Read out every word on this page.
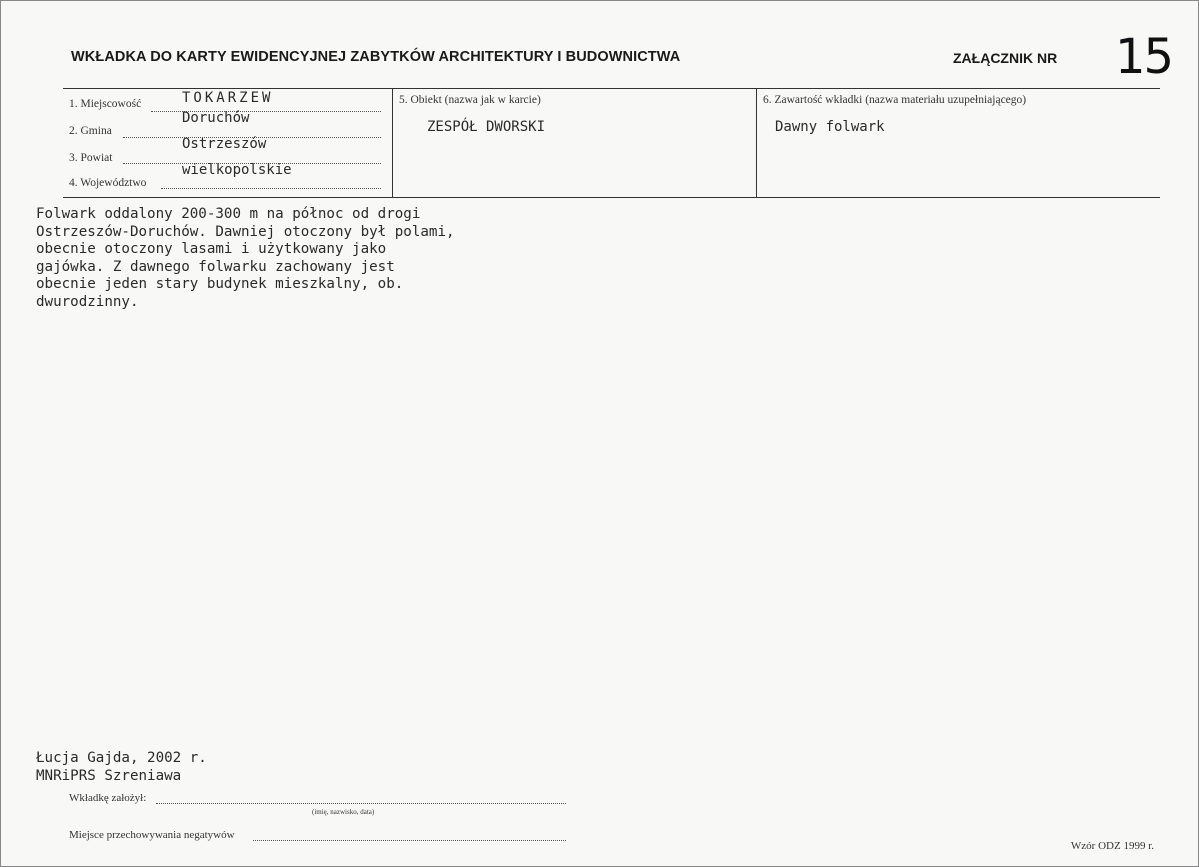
WKŁADKA DO KARTY EWIDENCYJNEJ ZABYTKÓW ARCHITEKTURY I BUDOWNICTWA	ZAŁĄCZNIK NR 15
1. Miejscowość	TOKARZEW
2. Gmina
Doruchów
3. Powiat
Ostrzeszów
4. Województwo
wielkopolskie
5. Obiekt (nazwa jak w karcie)
ZESPÓŁ DWORSKI
6. Zawartość wkładki (nazwa materiału uzupełniającego)
Dawny folwark
Folwark oddalony 200-300 m na północ od drogi
Ostrzeszów-Doruchów. Dawniej otoczony był polami,
obecnie otoczony lasami i użytkowany jako
gajówka. Z dawnego folwarku zachowany jest
obecnie jeden stary budynek mieszkalny, ob.
dwurodzinny.
Łucja Gajda, 2002 r.
MNRiPRS Szreniawa
Wkładkę założył:
(imię, nazwisko, data)
Miejsce przechowywania negatywów
Wzór ODZ 1999 r.
